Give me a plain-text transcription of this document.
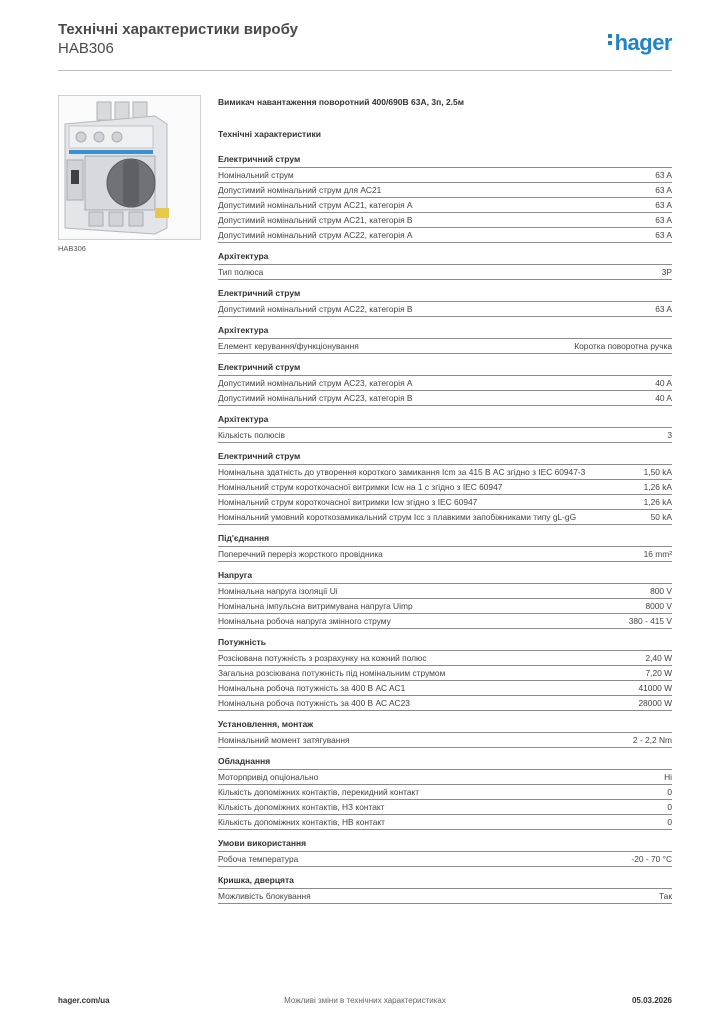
Технічні характеристики виробу
HAB306	hager
HAB306
Вимикач навантаження поворотний 400/690В 63А, 3п, 2.5м
Технічні характеристики
Електричний струм
Номінальний струм	63 A
Допустимий номінальний струм для AC21	63 A
Допустимий номінальний струм AC21, категорія A	63 A
Допустимий номінальний струм AC21, категорія B	63 A
Допустимий номінальний струм AC22, категорія A	63 A
Архітектура
Тип полюса	3P
Електричний струм
Допустимий номінальний струм AC22, категорія B	63 A
Архітектура
Елемент керування/функціонування	Коротка поворотна ручка
Електричний струм
Допустимий номінальний струм AC23, категорія A	40 A
Допустимий номінальний струм AC23, категорія B	40 A
Архітектура
Кількість полюсів	3
Електричний струм
Номінальна здатність до утворення короткого замикання Icm за 415 В AC згідно з IEC 60947-3	1,50 kA
Номінальний струм короткочасної витримки Icw на 1 с згідно з IEC 60947	1,26 kA
Номінальний струм короткочасної витримки Icw згідно з IEC 60947	1,26 kA
Номінальний умовний короткозамикальний струм Icc з плавкими запобіжниками типу gL-gG	50 kA
Під'єднання
Поперечний переріз жорсткого провідника	16 mm²
Напруга
Номінальна напруга ізоляції Ui	800 V
Номінальна імпульсна витримувана напруга Uimp	8000 V
Номінальна робоча напруга змінного струму	380 - 415 V
Потужність
Розсіювана потужність з розрахунку на кожний полюс	2,40 W
Загальна розсіювана потужність під номінальним струмом	7,20 W
Номінальна робоча потужність за 400 В AC AC1	41000 W
Номінальна робоча потужність за 400 В AC AC23	28000 W
Установлення, монтаж
Номінальний момент затягування	2 - 2,2 Nm
Обладнання
Моторпривід опціонально	Ні
Кількість допоміжних контактів, перекидний контакт	0
Кількість допоміжних контактів, НЗ контакт	0
Кількість допоміжних контактів, НВ контакт	0
Умови використання
Робоча температура	-20 - 70 °C
Кришка, дверцята
Можливість блокування	Так
hager.com/ua	Можливі зміни в технічних характеристиках	05.03.2026
